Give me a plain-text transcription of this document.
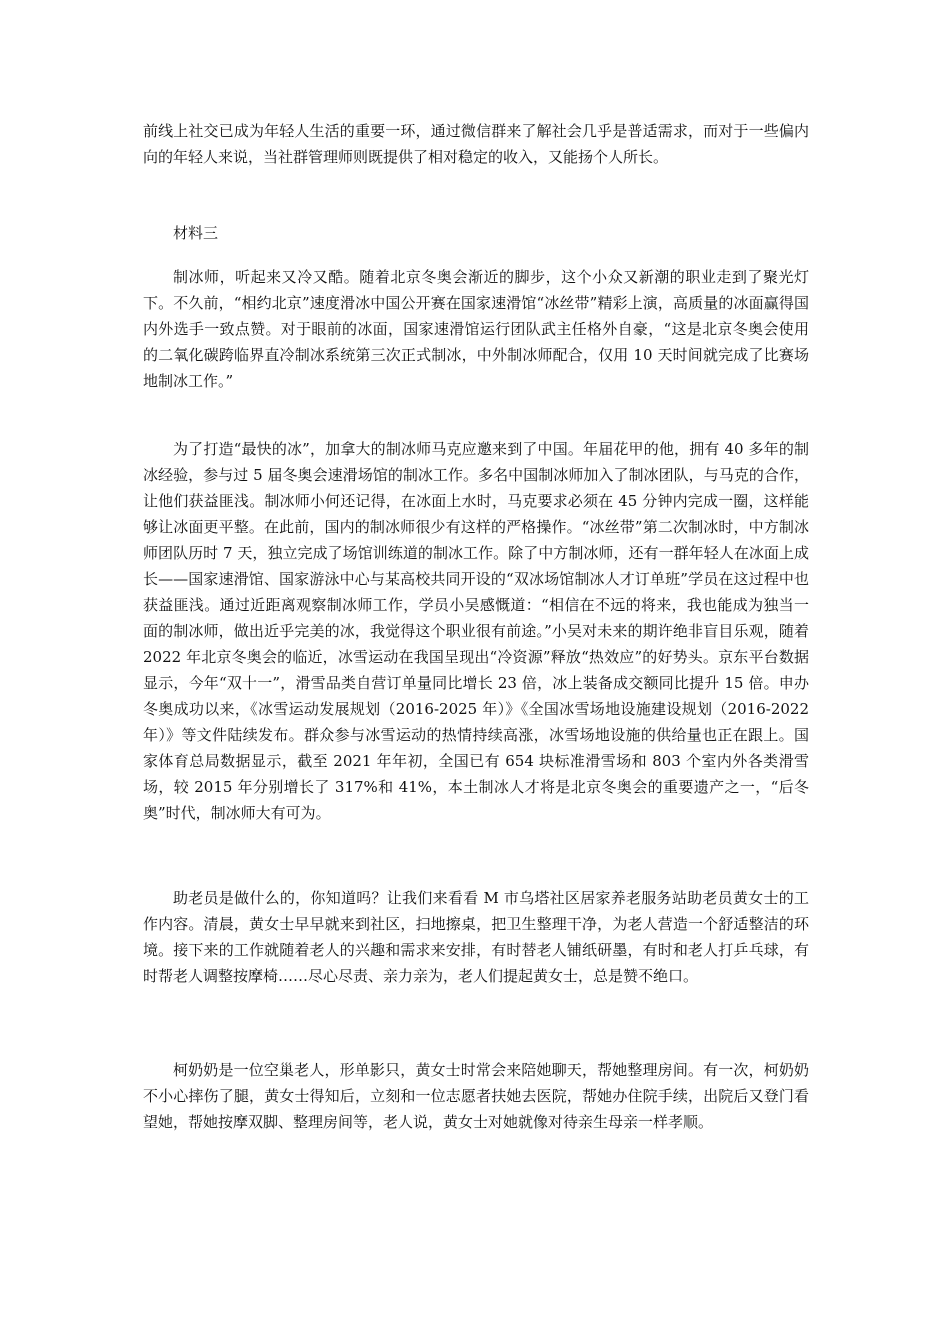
前线上社交已成为年轻人生活的重要一环，通过微信群来了解社会几乎是普适需求，而对于一些偏内向的年轻人来说，当社群管理师则既提供了相对稳定的收入，又能扬个人所长。

材料三

制冰师，听起来又冷又酷。随着北京冬奥会渐近的脚步，这个小众又新潮的职业走到了聚光灯下。不久前，“相约北京”速度滑冰中国公开赛在国家速滑馆“冰丝带”精彩上演，高质量的冰面赢得国内外选手一致点赞。对于眼前的冰面，国家速滑馆运行团队武主任格外自豪，“这是北京冬奥会使用的二氧化碳跨临界直冷制冰系统第三次正式制冰，中外制冰师配合，仅用 10 天时间就完成了比赛场地制冰工作。”

为了打造“最快的冰”，加拿大的制冰师马克应邀来到了中国。年届花甲的他，拥有 40 多年的制冰经验，参与过 5 届冬奥会速滑场馆的制冰工作。多名中国制冰师加入了制冰团队，与马克的合作，让他们获益匪浅。制冰师小何还记得，在冰面上水时，马克要求必须在 45 分钟内完成一圈，这样能够让冰面更平整。在此前，国内的制冰师很少有这样的严格操作。“冰丝带”第二次制冰时，中方制冰师团队历时 7 天，独立完成了场馆训练道的制冰工作。除了中方制冰师，还有一群年轻人在冰面上成长——国家速滑馆、国家游泳中心与某高校共同开设的“双冰场馆制冰人才订单班”学员在这过程中也获益匪浅。通过近距离观察制冰师工作，学员小吴感慨道：“相信在不远的将来，我也能成为独当一面的制冰师，做出近乎完美的冰，我觉得这个职业很有前途。”小吴对未来的期许绝非盲目乐观，随着 2022 年北京冬奥会的临近，冰雪运动在我国呈现出“冷资源”释放“热效应”的好势头。京东平台数据显示，今年“双十一”，滑雪品类自营订单量同比增长 23 倍，冰上装备成交额同比提升 15 倍。申办冬奥成功以来，《冰雪运动发展规划（2016-2025 年）》《全国冰雪场地设施建设规划（2016-2022 年）》等文件陆续发布。群众参与冰雪运动的热情持续高涨，冰雪场地设施的供给量也正在跟上。国家体育总局数据显示，截至 2021 年年初，全国已有 654 块标准滑雪场和 803 个室内外各类滑雪场，较 2015 年分别增长了 317%和 41%，本土制冰人才将是北京冬奥会的重要遗产之一，“后冬奥”时代，制冰师大有可为。

助老员是做什么的，你知道吗？让我们来看看 M 市乌塔社区居家养老服务站助老员黄女士的工作内容。清晨，黄女士早早就来到社区，扫地擦桌，把卫生整理干净，为老人营造一个舒适整洁的环境。接下来的工作就随着老人的兴趣和需求来安排，有时替老人铺纸研墨，有时和老人打乒乓球，有时帮老人调整按摩椅……尽心尽责、亲力亲为，老人们提起黄女士，总是赞不绝口。

柯奶奶是一位空巢老人，形单影只，黄女士时常会来陪她聊天，帮她整理房间。有一次，柯奶奶不小心摔伤了腿，黄女士得知后，立刻和一位志愿者扶她去医院，帮她办住院手续，出院后又登门看望她，帮她按摩双脚、整理房间等，老人说，黄女士对她就像对待亲生母亲一样孝顺。
